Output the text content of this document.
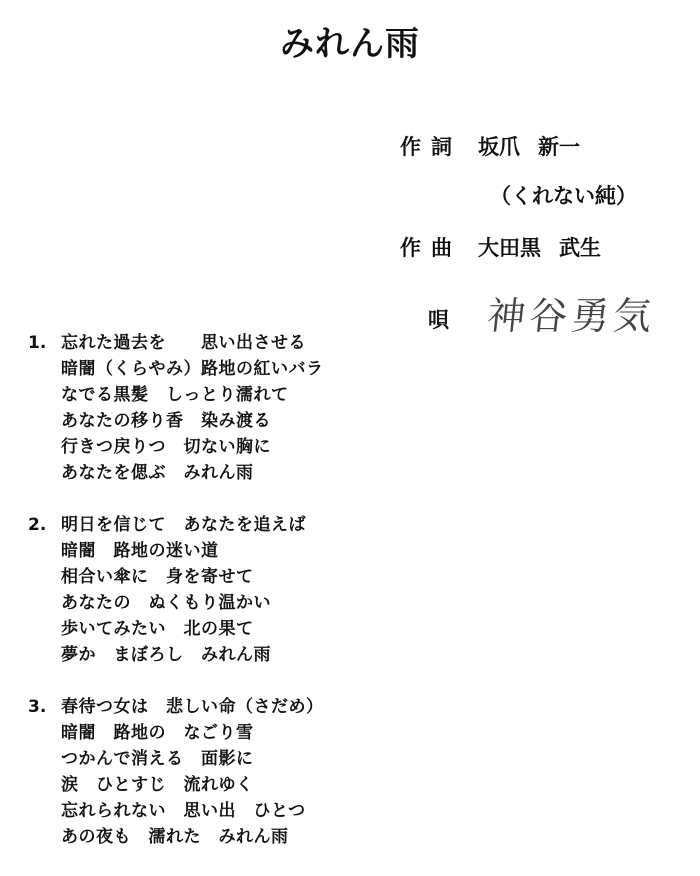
みれん雨
作詞 坂爪 新一
（くれない純）
作曲 大田黒 武生
唄 神谷勇気
1. 忘れた過去を　　思い出させる
暗闇（くらやみ）路地の紅いバラ
なでる黒髪　しっとり濡れて
あなたの移り香　染み渡る
行きつ戻りつ　切ない胸に
あなたを偲ぶ　みれん雨
2. 明日を信じて　あなたを追えば
暗闇　路地の迷い道
相合い傘に　身を寄せて
あなたの　ぬくもり温かい
歩いてみたい　北の果て
夢か　まぼろし　みれん雨
3. 春待つ女は　悲しい命（さだめ）
暗闇　路地の　なごり雪
つかんで消える　面影に
涙　ひとすじ　流れゆく
忘れられない　思い出　ひとつ
あの夜も　濡れた　みれん雨
